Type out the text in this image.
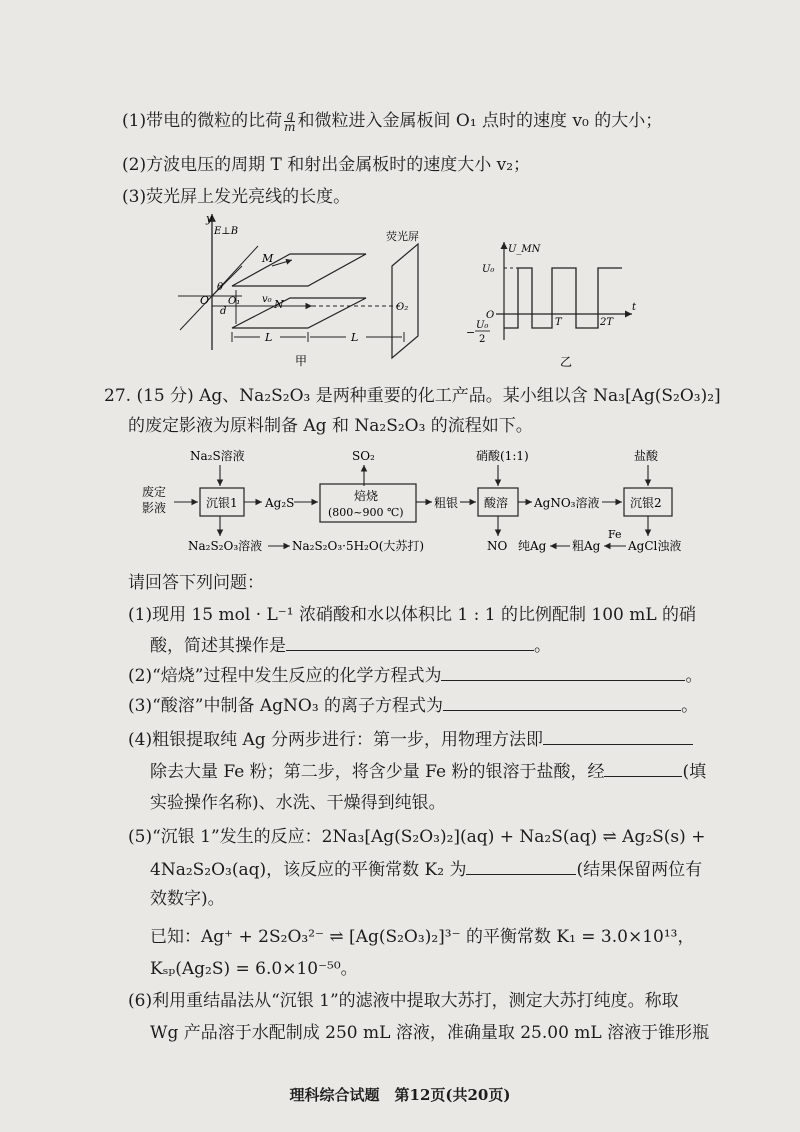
(1)带电的微粒的比荷 $\frac{q}{m}$ 和微粒进入金属板间 O₁ 点时的速度 v₀ 的大小；
(2)方波电压的周期 T 和射出金属板时的速度大小 v₂；
(3)荧光屏上发光亮线的长度。
y
E⊥B
M
N
O O₁ v₀
θ
d
荧光屏
O₂
L	L
甲
U_MN
U₀
O
−
U₀
2
T	2T
t
乙
27. (15 分) Ag、Na₂S₂O₃ 是两种重要的化工产品。某小组以含 Na₃[Ag(S₂O₃)₂]
的废定影液为原料制备 Ag 和 Na₂S₂O₃ 的流程如下。
Na₂S溶液	SO₂	硝酸(1:1)	盐酸
废定
影液	沉银1 Ag₂S	焙烧
(800~900 ℃)
粗银 酸溶 AgNO₃溶液	沉银2
Na₂S₂O₃溶液 Na₂S₂O₃·5H₂O(大苏打)	NO	AgCl浊液
Fe
粗Ag
纯Ag
请回答下列问题：
(1)现用 15 mol · L⁻¹ 浓硝酸和水以体积比 1 : 1 的比例配制 100 mL 的硝
酸，简述其操作是	。
(2)“焙烧”过程中发生反应的化学方程式为	。
(3)“酸溶”中制备 AgNO₃ 的离子方程式为	。
(4)粗银提取纯 Ag 分两步进行：第一步，用物理方法即
除去大量 Fe 粉；第二步，将含少量 Fe 粉的银溶于盐酸，经	(填
实验操作名称)、水洗、干燥得到纯银。
(5)“沉银 1”发生的反应：2Na₃[Ag(S₂O₃)₂](aq) + Na₂S(aq) ⇌ Ag₂S(s) +
4Na₂S₂O₃(aq)，该反应的平衡常数 K₂ 为	(结果保留两位有
效数字)。
已知：Ag⁺ + 2S₂O₃²⁻ ⇌ [Ag(S₂O₃)₂]³⁻ 的平衡常数 K₁ = 3.0×10¹³，
Kₛₚ(Ag₂S) = 6.0×10⁻⁵⁰。
(6)利用重结晶法从“沉银 1”的滤液中提取大苏打，测定大苏打纯度。称取
Wg 产品溶于水配制成 250 mL 溶液，准确量取 25.00 mL 溶液于锥形瓶
理科综合试题　第12页(共20页)
